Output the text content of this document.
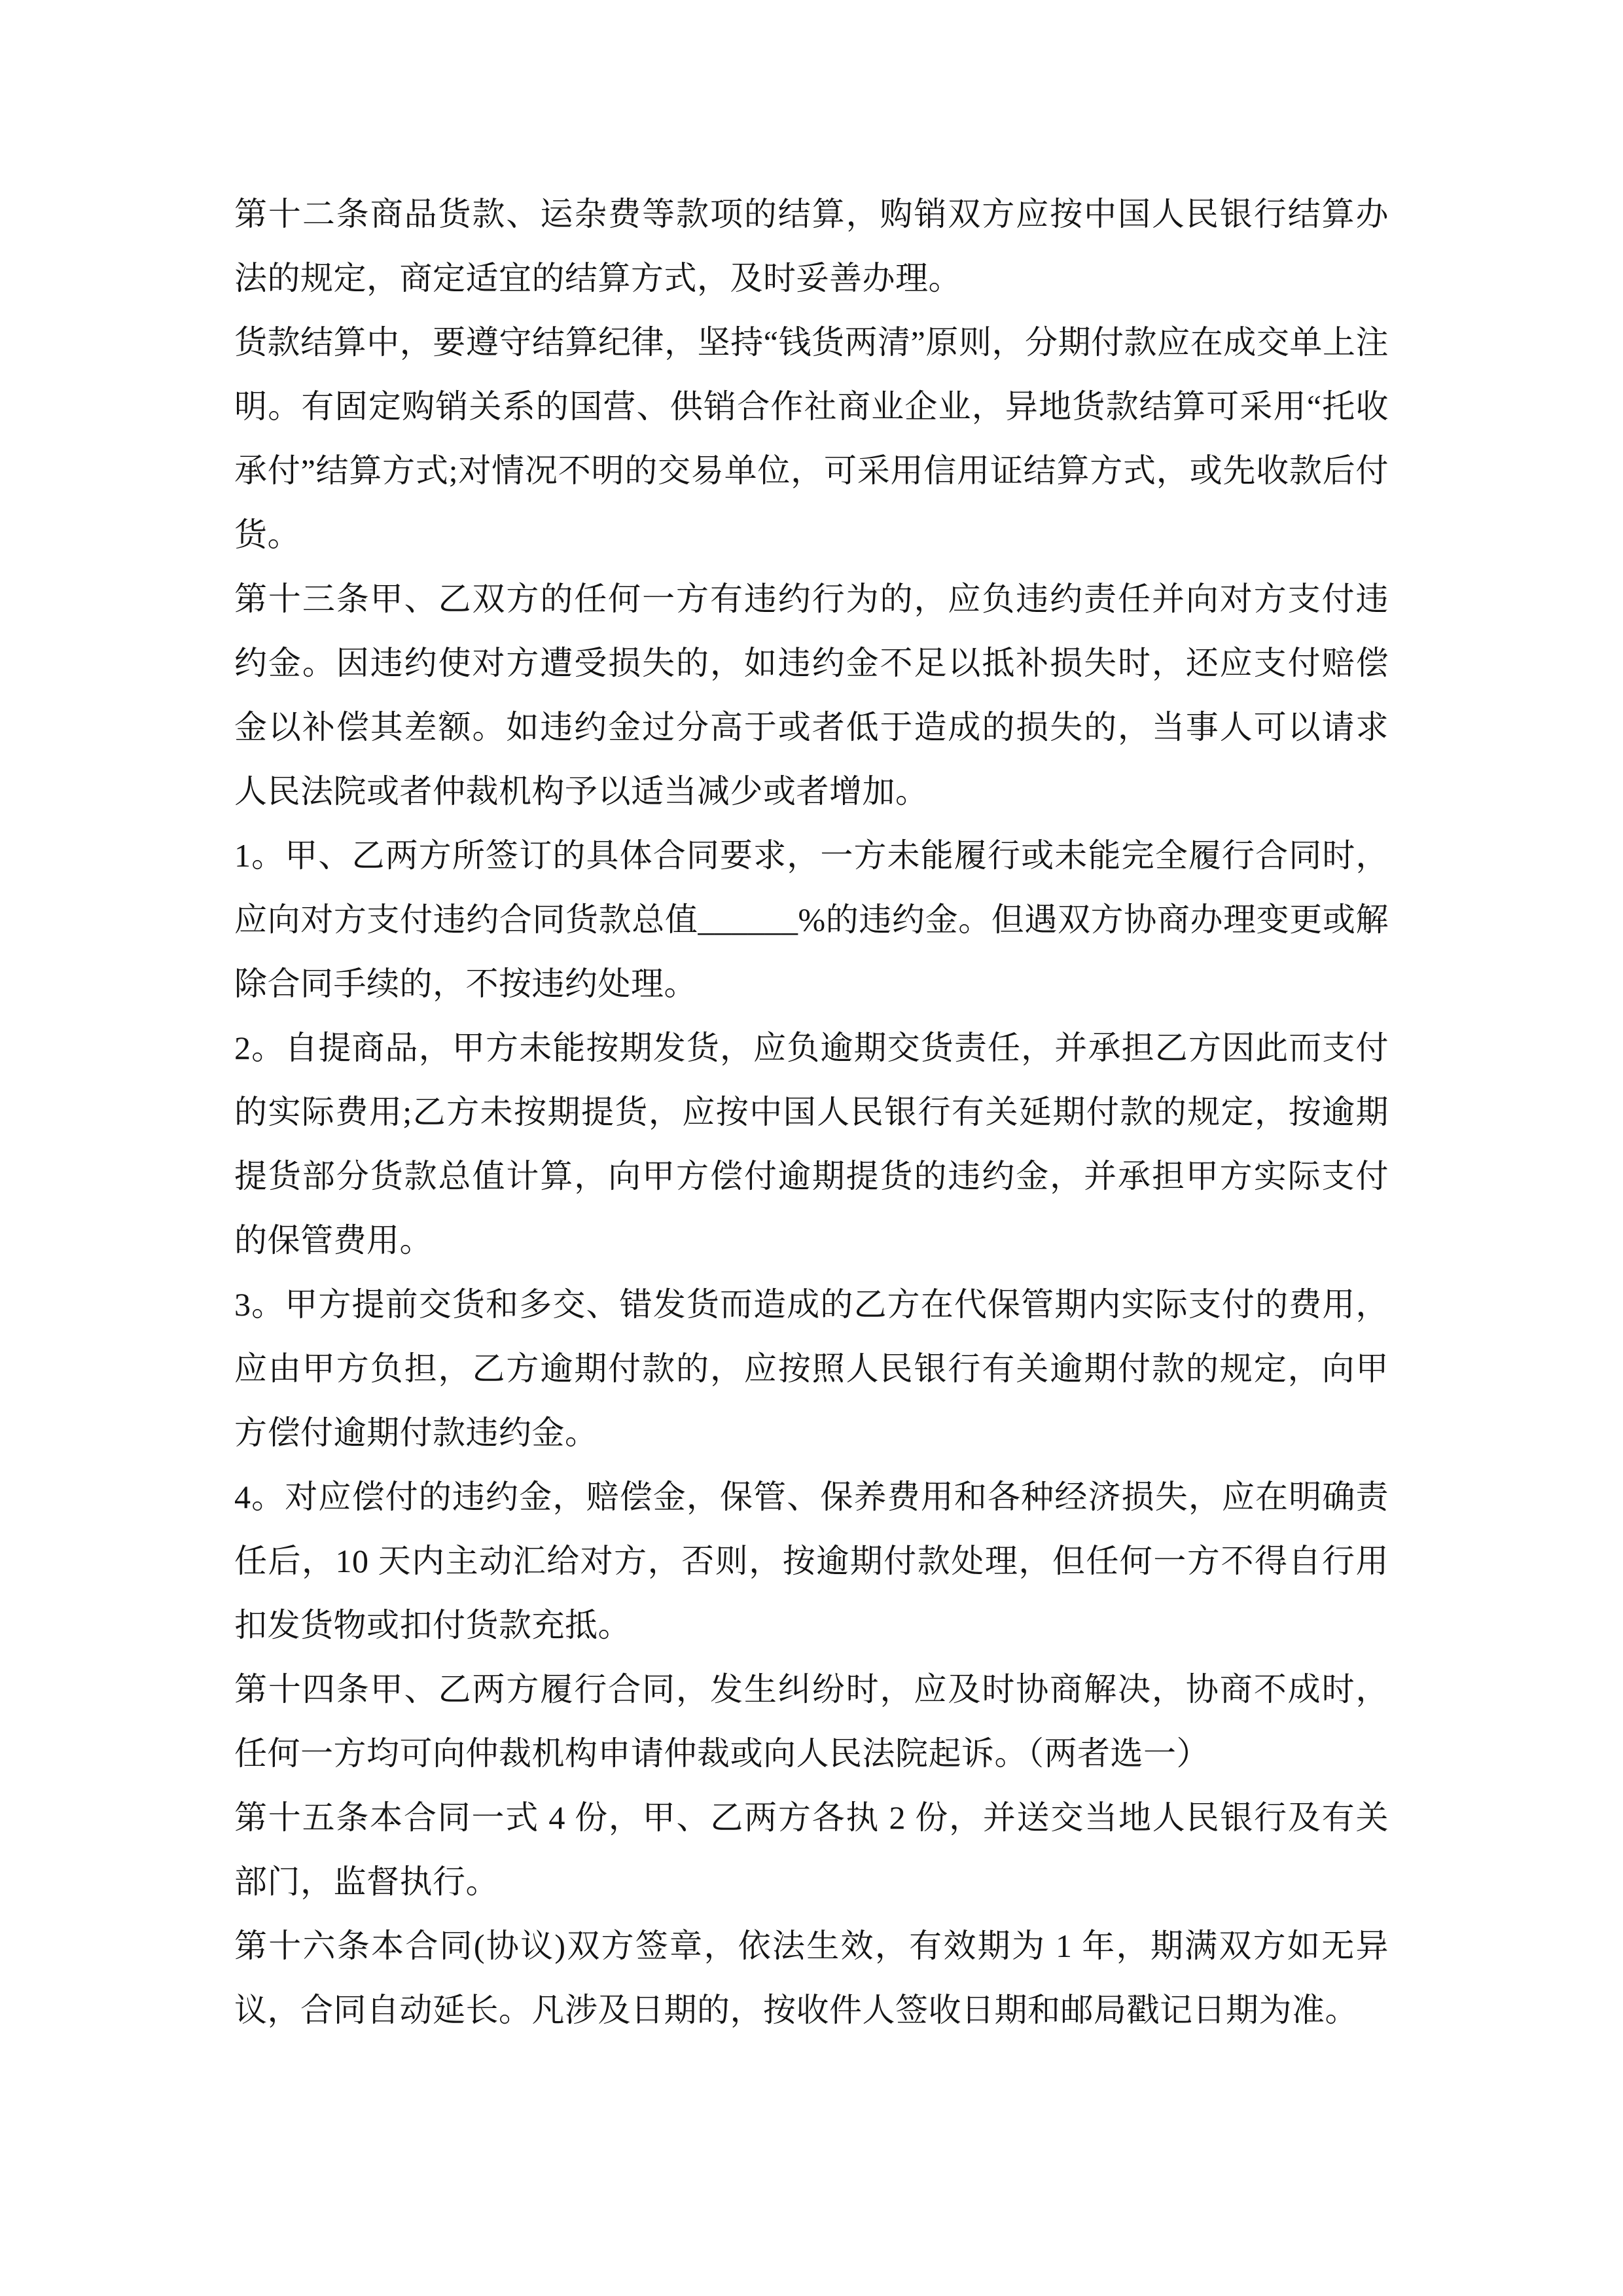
第十二条商品货款、运杂费等款项的结算，购销双方应按中国人民银行结算办法的规定，商定适宜的结算方式，及时妥善办理。

货款结算中，要遵守结算纪律，坚持“钱货两清”原则，分期付款应在成交单上注明。有固定购销关系的国营、供销合作社商业企业，异地货款结算可采用“托收承付”结算方式;对情况不明的交易单位，可采用信用证结算方式，或先收款后付货。

第十三条甲、乙双方的任何一方有违约行为的，应负违约责任并向对方支付违约金。因违约使对方遭受损失的，如违约金不足以抵补损失时，还应支付赔偿金以补偿其差额。如违约金过分高于或者低于造成的损失的，当事人可以请求人民法院或者仲裁机构予以适当减少或者增加。

1。甲、乙两方所签订的具体合同要求，一方未能履行或未能完全履行合同时，应向对方支付违约合同货款总值______%的违约金。但遇双方协商办理变更或解除合同手续的，不按违约处理。

2。自提商品，甲方未能按期发货，应负逾期交货责任，并承担乙方因此而支付的实际费用;乙方未按期提货，应按中国人民银行有关延期付款的规定，按逾期提货部分货款总值计算，向甲方偿付逾期提货的违约金，并承担甲方实际支付的保管费用。

3。甲方提前交货和多交、错发货而造成的乙方在代保管期内实际支付的费用，应由甲方负担，乙方逾期付款的，应按照人民银行有关逾期付款的规定，向甲方偿付逾期付款违约金。

4。对应偿付的违约金，赔偿金，保管、保养费用和各种经济损失，应在明确责任后，10 天内主动汇给对方，否则，按逾期付款处理，但任何一方不得自行用扣发货物或扣付货款充抵。

第十四条甲、乙两方履行合同，发生纠纷时，应及时协商解决，协商不成时，任何一方均可向仲裁机构申请仲裁或向人民法院起诉。（两者选一）

第十五条本合同一式 4 份，甲、乙两方各执 2 份，并送交当地人民银行及有关部门，监督执行。

第十六条本合同(协议)双方签章，依法生效，有效期为 1 年，期满双方如无异议，合同自动延长。凡涉及日期的，按收件人签收日期和邮局戳记日期为准。
